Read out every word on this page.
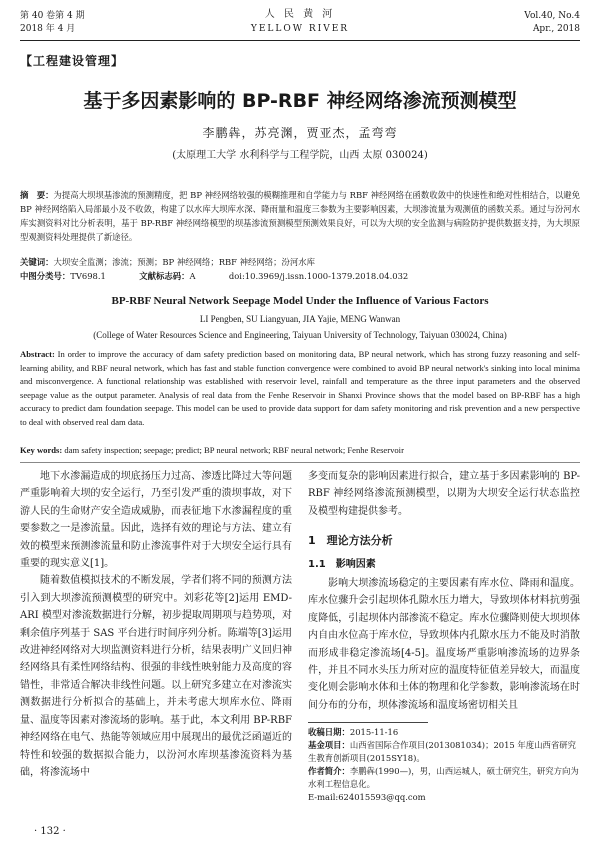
第 40 卷第 4 期
2018 年 4 月
人 民 黄 河
YELLOW RIVER
Vol.40, No.4
Apr., 2018
【工程建设管理】
基于多因素影响的 BP-RBF 神经网络渗流预测模型
李鹏犇，苏亮渊，贾亚杰，孟弯弯
(太原理工大学 水利科学与工程学院，山西 太原 030024)
摘　要：为提高大坝坝基渗流的预测精度，把 BP 神经网络较强的模糊推理和自学能力与 RBF 神经网络在函数收敛中的快速性和绝对性相结合，以避免 BP 神经网络陷入局部最小及不收敛，构建了以水库大坝库水深、降雨量和温度三参数为主要影响因素，大坝渗流量为观测值的函数关系。通过与汾河水库实测资料对比分析表明，基于 BP-RBF 神经网络模型的坝基渗流预测模型预测效果良好，可以为大坝的安全监测与病险防护提供数据支持，为大坝原型观测资料处理提供了新途径。
关键词：大坝安全监测；渗流；预测；BP 神经网络；RBF 神经网络；汾河水库
中图分类号：TV698.1	文献标志码：A	doi:10.3969/j.issn.1000-1379.2018.04.032
BP-RBF Neural Network Seepage Model Under the Influence of Various Factors
LI Pengben, SU Liangyuan, JIA Yajie, MENG Wanwan
(College of Water Resources Science and Engineering, Taiyuan University of Technology, Taiyuan 030024, China)
Abstract: In order to improve the accuracy of dam safety prediction based on monitoring data, BP neural network, which has strong fuzzy reasoning and self-learning ability, and RBF neural network, which has fast and stable function convergence were combined to avoid BP neural network's sinking into local minima and misconvergence. A functional relationship was established with reservoir level, rainfall and temperature as the three input parameters and the observed seepage value as the output parameter. Analysis of real data from the Fenhe Reservoir in Shanxi Province shows that the model based on BP-RBF has a high accuracy to predict dam foundation seepage. This model can be used to provide data support for dam safety monitoring and risk prevention and a new perspective to deal with observed real dam data.
Key words: dam safety inspection; seepage; predict; BP neural network; RBF neural network; Fenhe Reservoir

地下水渗漏造成的坝底扬压力过高、渗透比降过大等问题严重影响着大坝的安全运行，乃至引发严重的溃坝事故，对下游人民的生命财产安全造成威胁，而表征地下水渗漏程度的重要参数之一是渗流量。因此，选择有效的理论与方法、建立有效的模型来预测渗流量和防止渗流事件对于大坝安全运行具有重要的现实意义[1]。

随着数值模拟技术的不断发展，学者们将不同的预测方法引入到大坝渗流预测模型的研究中。刘彩花等[2]运用 EMD-ARI 模型对渗流数据进行分解，初步提取周期项与趋势项，对剩余值序列基于 SAS 平台进行时间序列分析。陈端等[3]运用改进神经网络对大坝监测资料进行分析，结果表明广义回归神经网络具有柔性网络结构、很强的非线性映射能力及高度的容错性，非常适合解决非线性问题。以上研究多建立在对渗流实测数据进行分析拟合的基础上，并未考虑大坝库水位、降雨量、温度等因素对渗流场的影响。基于此，本文利用 BP-RBF 神经网络在电气、热能等领域应用中展现出的最优泛函逼近的特性和较强的数据拟合能力，以汾河水库坝基渗流资料为基础，将渗流场中

多变而复杂的影响因素进行拟合，建立基于多因素影响的 BP-RBF 神经网络渗流预测模型，以期为大坝安全运行状态监控及模型构建提供参考。

1　理论方法分析
1.1　影响因素

影响大坝渗流场稳定的主要因素有库水位、降雨和温度。库水位骤升会引起坝体孔隙水压力增大，导致坝体材料抗剪强度降低，引起坝体内部渗流不稳定。库水位骤降则使大坝坝体内自由水位高于库水位，导致坝体内孔隙水压力不能及时消散而形成非稳定渗流场[4-5]。温度场严重影响渗流场的边界条件，并且不同水头压力所对应的温度特征值差异较大，而温度变化则会影响水体和土体的物理和化学参数，影响渗流场在时间分布的分布，坝体渗流场和温度场密切相关且

收稿日期：2015-11-16
基金项目：山西省国际合作项目(2013081034)；2015 年度山西省研究生教育创新项目(2015SY18)。
作者简介：李鹏犇(1990—)，男，山西运城人，硕士研究生，研究方向为水利工程信息化。
E-mail:624015593@qq.com
· 132 ·
